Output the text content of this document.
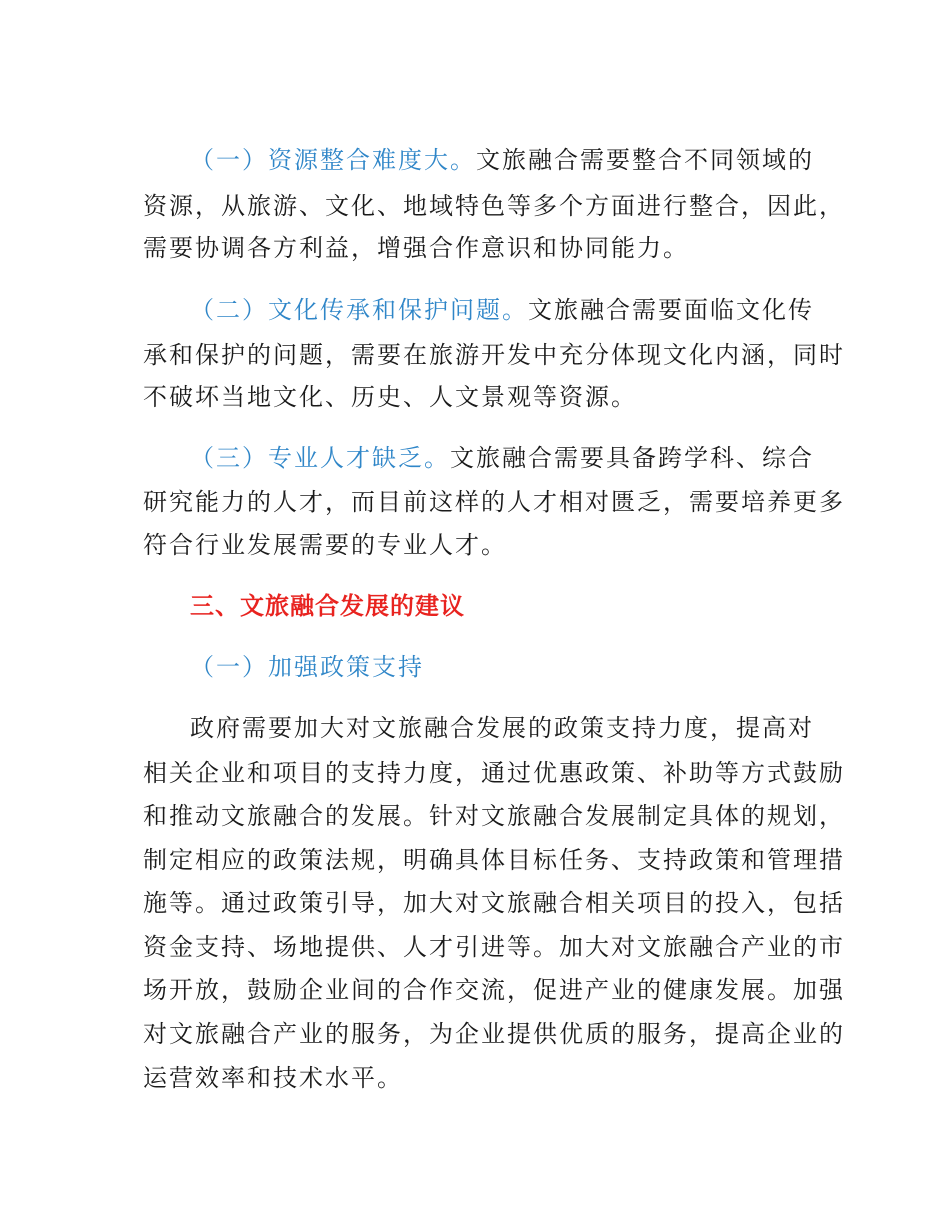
（一）资源整合难度大。文旅融合需要整合不同领域的
资源，从旅游、文化、地域特色等多个方面进行整合，因此，
需要协调各方利益，增强合作意识和协同能力。
（二）文化传承和保护问题。文旅融合需要面临文化传
承和保护的问题，需要在旅游开发中充分体现文化内涵，同时
不破坏当地文化、历史、人文景观等资源。
（三）专业人才缺乏。文旅融合需要具备跨学科、综合
研究能力的人才，而目前这样的人才相对匮乏，需要培养更多
符合行业发展需要的专业人才。
三、文旅融合发展的建议
（一）加强政策支持
政府需要加大对文旅融合发展的政策支持力度，提高对
相关企业和项目的支持力度，通过优惠政策、补助等方式鼓励
和推动文旅融合的发展。针对文旅融合发展制定具体的规划，
制定相应的政策法规，明确具体目标任务、支持政策和管理措
施等。通过政策引导，加大对文旅融合相关项目的投入，包括
资金支持、场地提供、人才引进等。加大对文旅融合产业的市
场开放，鼓励企业间的合作交流，促进产业的健康发展。加强
对文旅融合产业的服务，为企业提供优质的服务，提高企业的
运营效率和技术水平。
